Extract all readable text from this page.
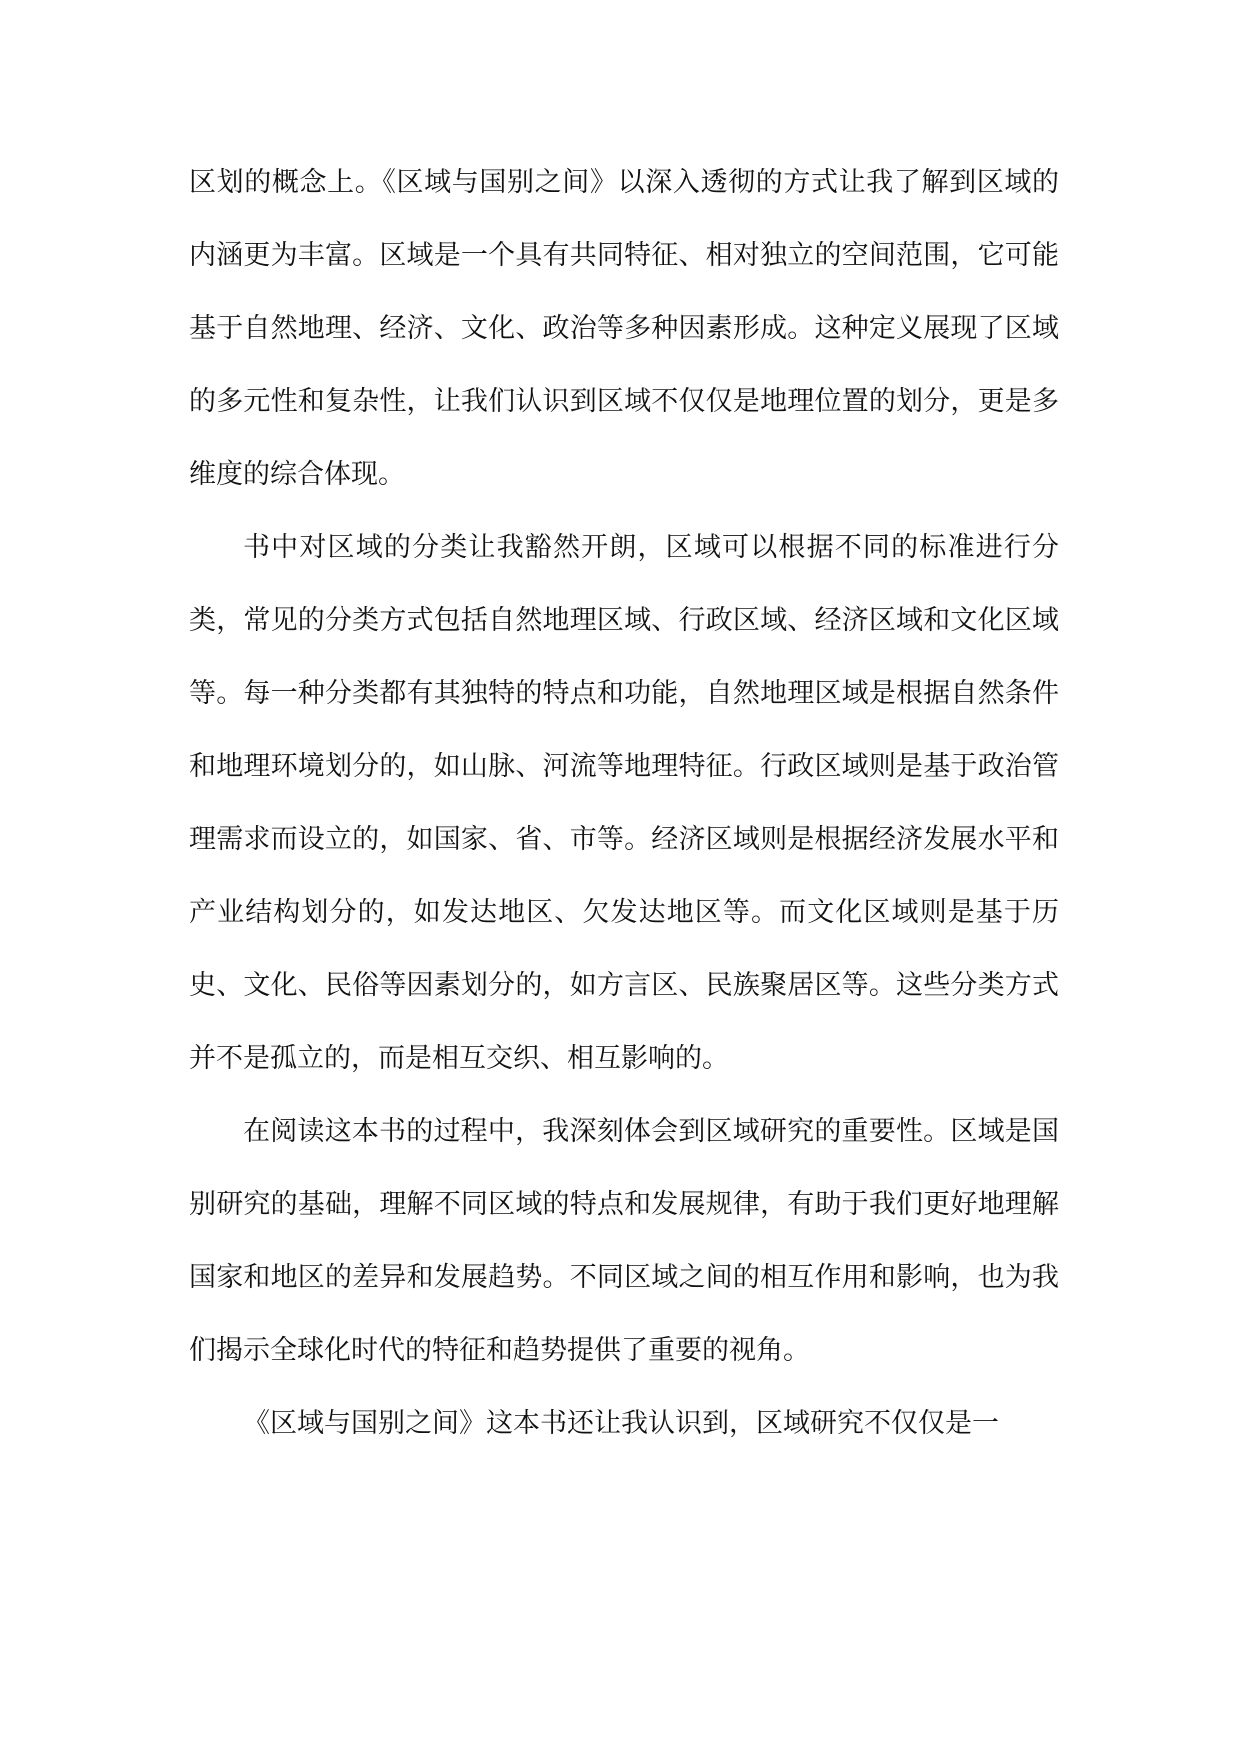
区划的概念上。《区域与国别之间》以深入透彻的方式让我了解到区域的内涵更为丰富。区域是一个具有共同特征、相对独立的空间范围，它可能基于自然地理、经济、文化、政治等多种因素形成。这种定义展现了区域的多元性和复杂性，让我们认识到区域不仅仅是地理位置的划分，更是多维度的综合体现。

书中对区域的分类让我豁然开朗，区域可以根据不同的标准进行分类，常见的分类方式包括自然地理区域、行政区域、经济区域和文化区域等。每一种分类都有其独特的特点和功能，自然地理区域是根据自然条件和地理环境划分的，如山脉、河流等地理特征。行政区域则是基于政治管理需求而设立的，如国家、省、市等。经济区域则是根据经济发展水平和产业结构划分的，如发达地区、欠发达地区等。而文化区域则是基于历史、文化、民俗等因素划分的，如方言区、民族聚居区等。这些分类方式并不是孤立的，而是相互交织、相互影响的。

在阅读这本书的过程中，我深刻体会到区域研究的重要性。区域是国别研究的基础，理解不同区域的特点和发展规律，有助于我们更好地理解国家和地区的差异和发展趋势。不同区域之间的相互作用和影响，也为我们揭示全球化时代的特征和趋势提供了重要的视角。

《区域与国别之间》这本书还让我认识到，区域研究不仅仅是一
